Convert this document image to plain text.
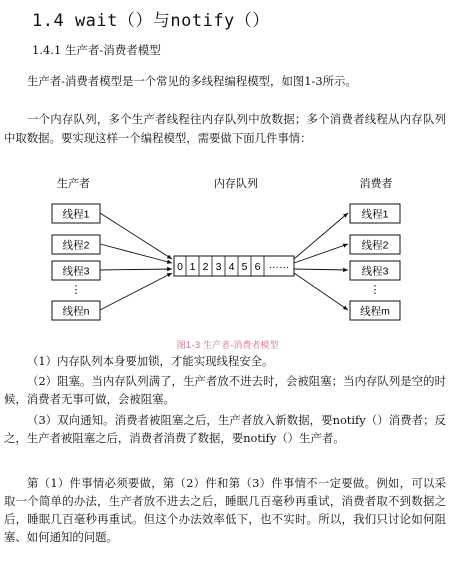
1.4 wait（）与notify（）
1.4.1 生产者-消费者模型

生产者-消费者模型是一个常见的多线程编程模型，如图1-3所示。

一个内存队列，多个生产者线程往内存队列中放数据；多个消费者线程从内存队列中取数据。要实现这样一个编程模型，需要做下面几件事情：

生产者	内存队列	消费者
线程1
线程2
线程3
⋮
线程n
0 1 2 3 4 5 6 ……
线程1
线程2
线程3
⋮
线程m
图1-3 生产者-消费者模型

（1）内存队列本身要加锁，才能实现线程安全。

（2）阻塞。当内存队列满了，生产者放不进去时，会被阻塞；当内存队列是空的时候，消费者无事可做，会被阻塞。

（3）双向通知。消费者被阻塞之后，生产者放入新数据，要notify（）消费者；反之，生产者被阻塞之后，消费者消费了数据，要notify（）生产者。

第（1）件事情必须要做，第（2）件和第（3）件事情不一定要做。例如，可以采取一个简单的办法，生产者放不进去之后，睡眠几百毫秒再重试，消费者取不到数据之后，睡眠几百毫秒再重试。但这个办法效率低下，也不实时。所以，我们只讨论如何阻塞、如何通知的问题。
